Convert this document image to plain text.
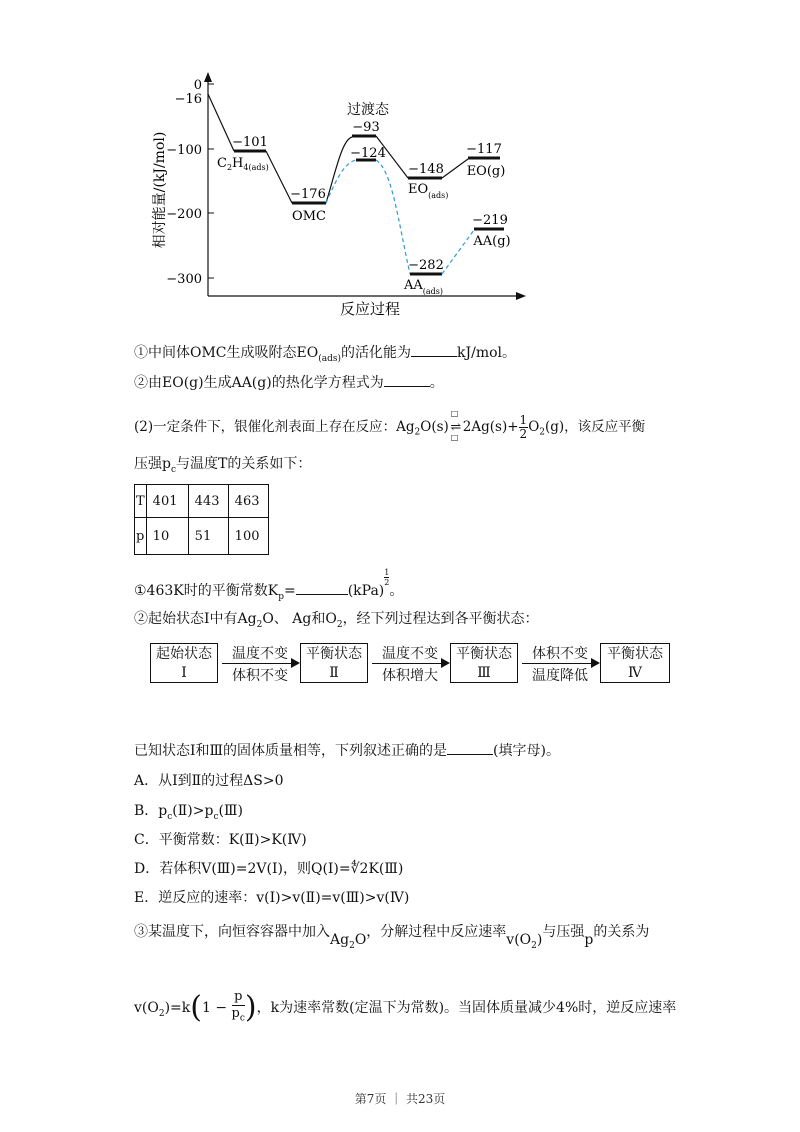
0
−16
−100
−200
−300
相对能量/(kJ/mol)
反应过程
−101
−176
过渡态
−93
−124
−148
−117
−282
−219
$C_2H_{4(ads)}$
OMC
$EO_{(ads)}$
EO(g)
$AA_{(ads)}$
AA(g)
①中间体OMC生成吸附态$EO_{(ads)}$的活化能为	kJ/mol。
②由EO(g)生成AA(g)的热化学方程式为	。
(2)一定条件下，银催化剂表面上存在反应：$Ag_2O(s)$
□
⇌
□
$2Ag(s)+ \frac{1}{2} O_2(g)$，该反应平衡
压强$p_c$与温度T的关系如下：
T	401	443	463
p	10	51	100
①463K时的平衡常数$K_p=$	(kPa)
$\frac{1}{2}$
。
②起始状态Ⅰ中有$Ag_2O$、 Ag和$O_2$，经下列过程达到各平衡状态：
起始状态
Ⅰ
温度不变
体积不变
平衡状态
Ⅱ
温度不变
体积增大
平衡状态
Ⅲ
体积不变
温度降低
平衡状态
Ⅳ
已知状态Ⅰ和Ⅲ的固体质量相等，下列叙述正确的是	(填字母)。
A．从Ⅰ到Ⅱ的过程ΔS>0
B．$p_c(Ⅱ)>p_c(Ⅲ)$
C．平衡常数：K(Ⅱ)>K(Ⅳ)
D．若体积V(Ⅲ)=2V(Ⅰ)，则Q(Ⅰ)=∜2K(Ⅲ)
E．逆反应的速率：v(Ⅰ)>v(Ⅱ)=v(Ⅲ)>v(Ⅳ)
③某温度下，向恒容容器中加入$Ag_2O$，分解过程中反应速率$v(O_2)$与压强p的关系为
$v(O_2)=k(1 - \frac{p}{p_c}$ )，k为速率常数(定温下为常数)。当固体质量减少4%时，逆反应速率
第7页 ｜ 共23页
